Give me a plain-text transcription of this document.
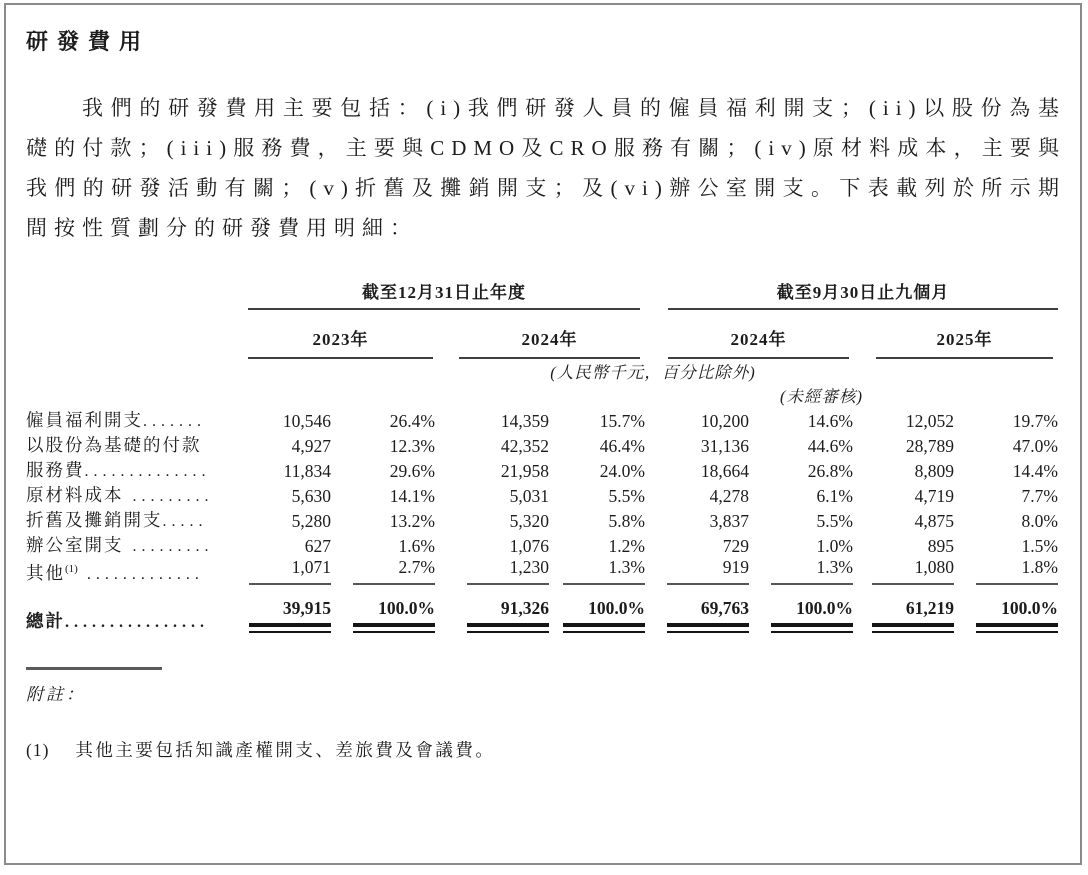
研發費用

我們的研發費用主要包括：(i)我們研發人員的僱員福利開支；(ii)以股份為基礎的付款；(iii)服務費，主要與CDMO及CRO服務有關；(iv)原材料成本，主要與我們的研發活動有關；(v)折舊及攤銷開支；及(vi)辦公室開支。下表載列於所示期間按性質劃分的研發費用明細：

	截至12月31日止年度				截至9月30日止九個月			

	2023年		2024年		2024年		2025年	

	(人民幣千元，百分比除外)							
					(未經審核)			
僱員福利開支.......	10,546	26.4%	14,359	15.7%	10,200	14.6%	12,052	19.7%

以股份為基礎的付款	4,927	12.3%	42,352	46.4%	31,136	44.6%	28,789	47.0%

服務費..............	11,834	29.6%	21,958	24.0%	18,664	26.8%	8,809	14.4%

原材料成本 .........	5,630	14.1%	5,031	5.5%	4,278	6.1%	4,719	7.7%

折舊及攤銷開支.....	5,280	13.2%	5,320	5.8%	3,837	5.5%	4,875	8.0%

辦公室開支 .........	627	1.6%	1,076	1.2%	729	1.0%	895	1.5%

其他$^{(1)}$ .............	1,071	2.7%	1,230	1.3%	919	1.3%	1,080	1.8%

總計................	39,915	100.0%	91,326	100.0%	69,763	100.0%	61,219	100.0%
附註：
(1) 其他主要包括知識產權開支、差旅費及會議費。
